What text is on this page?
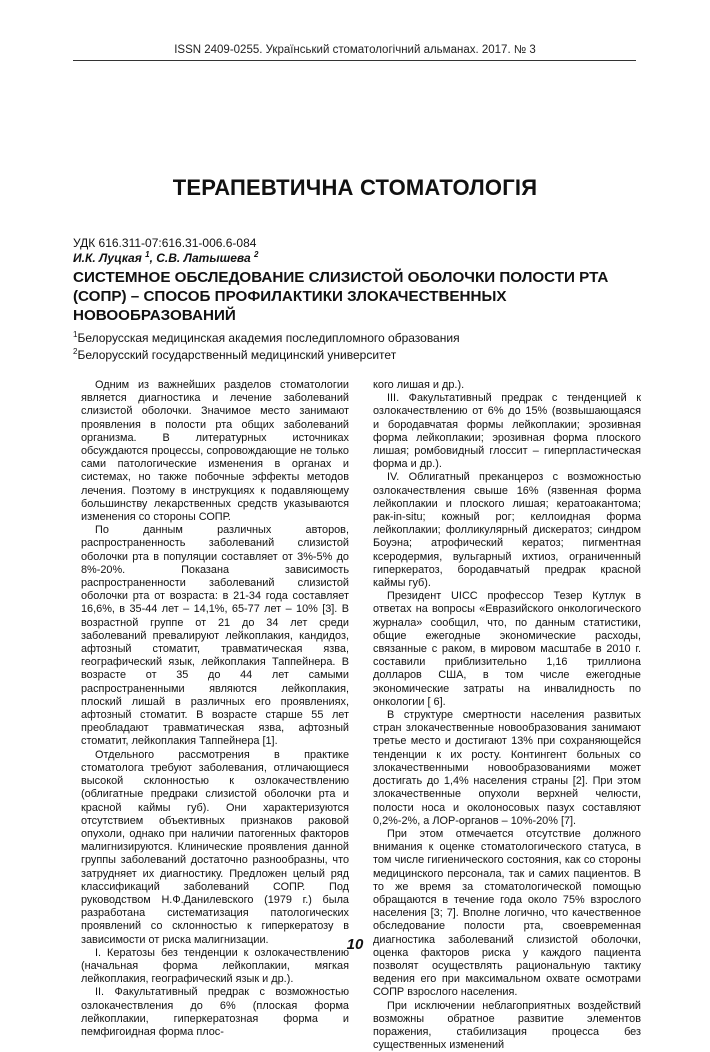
ISSN 2409-0255. Український стоматологічний альманах. 2017. № 3
ТЕРАПЕВТИЧНА СТОМАТОЛОГІЯ
УДК 616.311-07:616.31-006.6-084
И.К. Луцкая $^1$, С.В. Латышева $^2$
СИСТЕМНОЕ ОБСЛЕДОВАНИЕ СЛИЗИСТОЙ ОБОЛОЧКИ ПОЛОСТИ РТА (СОПР) – СПОСОБ ПРОФИЛАКТИКИ ЗЛОКАЧЕСТВЕННЫХ НОВООБРАЗОВАНИЙ
$^1$Белорусская медицинская академия последипломного образования
$^2$Белорусский государственный медицинский университет

Одним из важнейших разделов стоматологии является диагностика и лечение заболеваний слизистой оболочки. Значимое место занимают проявления в полости рта общих заболеваний организма. В литературных источниках обсуждаются процессы, сопровождающие не только сами патологические изменения в органах и системах, но также побочные эффекты методов лечения. Поэтому в инструкциях к подавляющему большинству лекарственных средств указываются изменения со стороны СОПР.

По данным различных авторов, распространенность заболеваний слизистой оболочки рта в популяции составляет от 3%-5% до 8%-20%. Показана зависимость распространенности заболеваний слизистой оболочки рта от возраста: в 21-34 года составляет 16,6%, в 35-44 лет – 14,1%, 65-77 лет – 10% [3]. В возрастной группе от 21 до 34 лет среди заболеваний превалируют лейкоплакия, кандидоз, афтозный стоматит, травматическая язва, географический язык, лейкоплакия Таппейнера. В возрасте от 35 до 44 лет самыми распространенными являются лейкоплакия, плоский лишай в различных его проявлениях, афтозный стоматит. В возрасте старше 55 лет преобладают травматическая язва, афтозный стоматит, лейкоплакия Таппейнера [1].

Отдельного рассмотрения в практике стоматолога требуют заболевания, отличающиеся высокой склонностью к озлокачествлению (облигатные предраки слизистой оболочки рта и красной каймы губ). Они характеризуются отсутствием объективных признаков раковой опухоли, однако при наличии патогенных факторов малигнизируются. Клинические проявления данной группы заболеваний достаточно разнообразны, что затрудняет их диагностику. Предложен целый ряд классификаций заболеваний СОПР. Под руководством Н.Ф.Данилевского (1979 г.) была разработана систематизация патологических проявлений со склонностью к гиперкератозу в зависимости от риска малигнизации.

I. Кератозы без тенденции к озлокачествлению (начальная форма лейкоплакии, мягкая лейкоплакия, географический язык и др.).

II. Факультативный предрак с возможностью озлокачествления до 6% (плоская форма лейкоплакии, гиперкератозная форма и пемфигоидная форма плос-

кого лишая и др.).

III. Факультативный предрак с тенденцией к озлокачествлению от 6% до 15% (возвышающаяся и бородавчатая формы лейкоплакии; эрозивная форма лейкоплакии; эрозивная форма плоского лишая; ромбовидный глоссит – гиперпластическая форма и др.).

IV. Облигатный преканцероз с возможностью озлокачествления свыше 16% (язвенная форма лейкоплакии и плоского лишая; кератоакантома; рак-in-situ; кожный рог; келлоидная форма лейкоплакии; фолликулярный дискератоз; синдром Боуэна; атрофический кератоз; пигментная ксеродермия, вульгарный ихтиоз, ограниченный гиперкератоз, бородавчатый предрак красной каймы губ).

Президент UICC профессор Тезер Кутлук в ответах на вопросы «Евразийского онкологического журнала» сообщил, что, по данным статистики, общие ежегодные экономические расходы, связанные с раком, в мировом масштабе в 2010 г. составили приблизительно 1,16 триллиона долларов США, в том числе ежегодные экономические затраты на инвалидность по онкологии [ 6].

В структуре смертности населения развитых стран злокачественные новообразования занимают третье место и достигают 13% при сохраняющейся тенденции к их росту. Контингент больных со злокачественными новообразованиями может достигать до 1,4% населения страны [2]. При этом злокачественные опухоли верхней челюсти, полости носа и околоносовых пазух составляют 0,2%-2%, а ЛОР-органов – 10%-20% [7].

При этом отмечается отсутствие должного внимания к оценке стоматологического статуса, в том числе гигиенического состояния, как со стороны медицинского персонала, так и самих пациентов. В то же время за стоматологической помощью обращаются в течение года около 75% взрослого населения [3; 7]. Вполне логично, что качественное обследование полости рта, своевременная диагностика заболеваний слизистой оболочки, оценка факторов риска у каждого пациента позволят осуществлять рациональную тактику ведения его при максимальном охвате осмотрами СОПР взрослого населения.

При исключении неблагоприятных воздействий возможны обратное развитие элементов поражения, стабилизация процесса без существенных изменений

10
